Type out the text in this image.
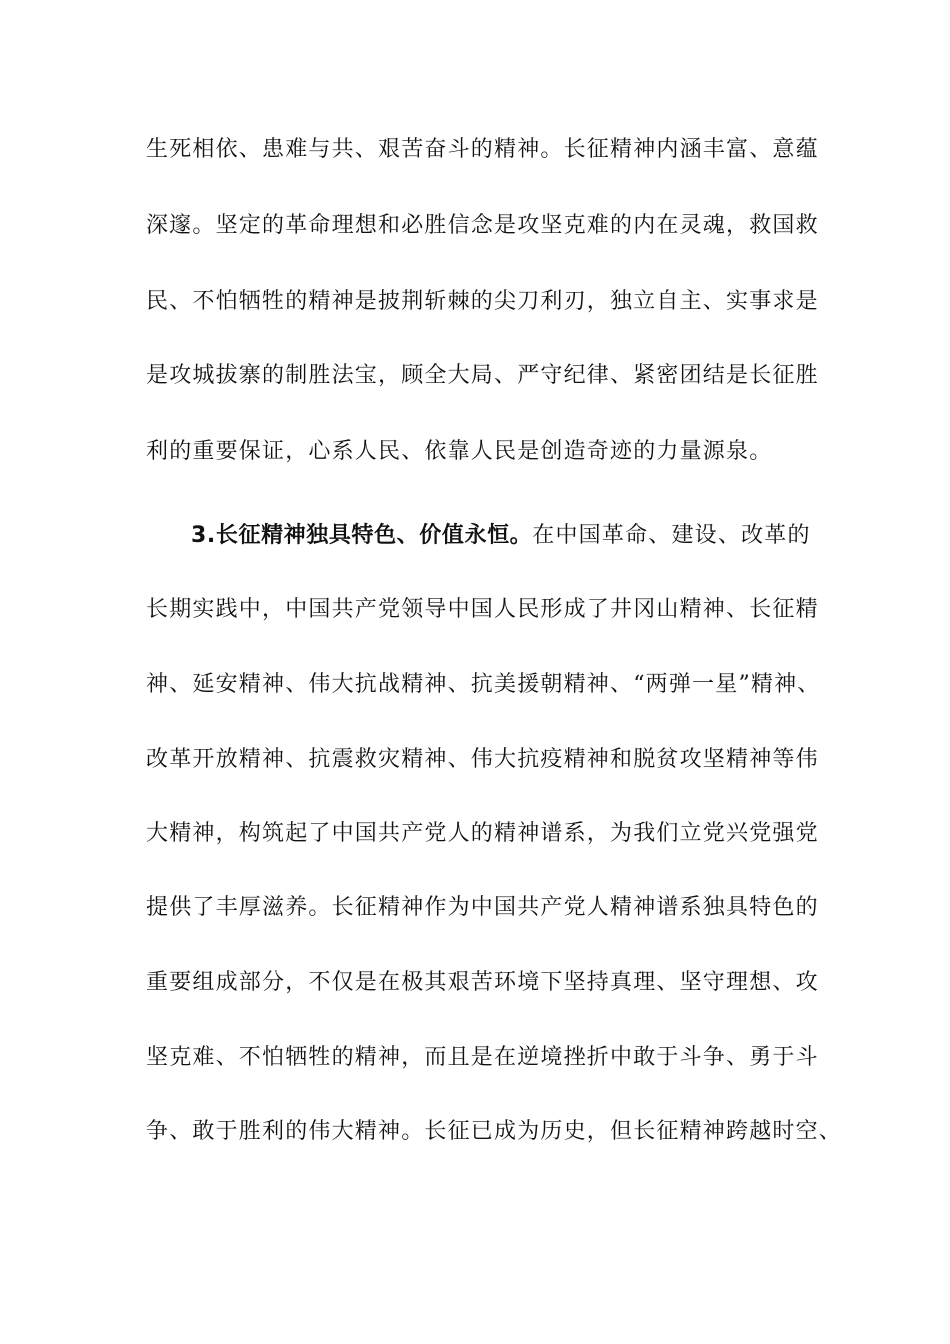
生死相依、患难与共、艰苦奋斗的精神。长征精神内涵丰富、意蕴
深邃。坚定的革命理想和必胜信念是攻坚克难的内在灵魂，救国救
民、不怕牺牲的精神是披荆斩棘的尖刀利刃，独立自主、实事求是
是攻城拔寨的制胜法宝，顾全大局、严守纪律、紧密团结是长征胜
利的重要保证，心系人民、依靠人民是创造奇迹的力量源泉。
3.长征精神独具特色、价值永恒。在中国革命、建设、改革的
长期实践中，中国共产党领导中国人民形成了井冈山精神、长征精
神、延安精神、伟大抗战精神、抗美援朝精神、“两弹一星”精神、
改革开放精神、抗震救灾精神、伟大抗疫精神和脱贫攻坚精神等伟
大精神，构筑起了中国共产党人的精神谱系，为我们立党兴党强党
提供了丰厚滋养。长征精神作为中国共产党人精神谱系独具特色的
重要组成部分，不仅是在极其艰苦环境下坚持真理、坚守理想、攻
坚克难、不怕牺牲的精神，而且是在逆境挫折中敢于斗争、勇于斗
争、敢于胜利的伟大精神。长征已成为历史，但长征精神跨越时空、
